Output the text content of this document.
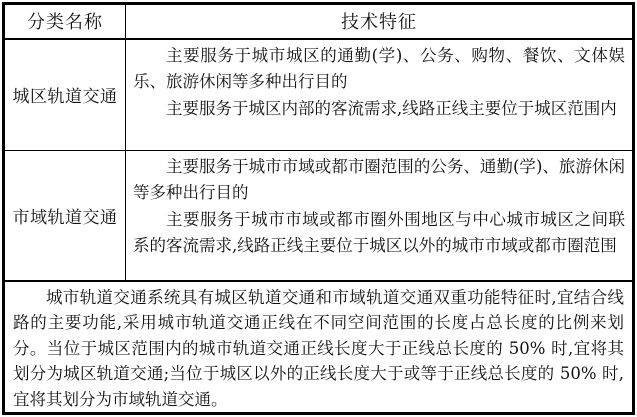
分类名称	技术特征
城区轨道交通

主要服务于城市城区的通勤(学)、公务、购物、餐饮、文体娱乐、旅游休闲等多种出行目的

主要服务于城区内部的客流需求,线路正线主要位于城区范围内

市域轨道交通

主要服务于城市市域或都市圈范围的公务、通勤(学)、旅游休闲等多种出行目的

主要服务于城市市域或都市圈外围地区与中心城市城区之间联系的客流需求,线路正线主要位于城区以外的城市市域或都市圈范围

城市轨道交通系统具有城区轨道交通和市域轨道交通双重功能特征时,宜结合线路的主要功能,采用城市轨道交通正线在不同空间范围的长度占总长度的比例来划分。当位于城区范围内的城市轨道交通正线长度大于正线总长度的 50% 时,宜将其划分为城区轨道交通;当位于城区以外的正线长度大于或等于正线总长度的 50% 时,宜将其划分为市域轨道交通。
